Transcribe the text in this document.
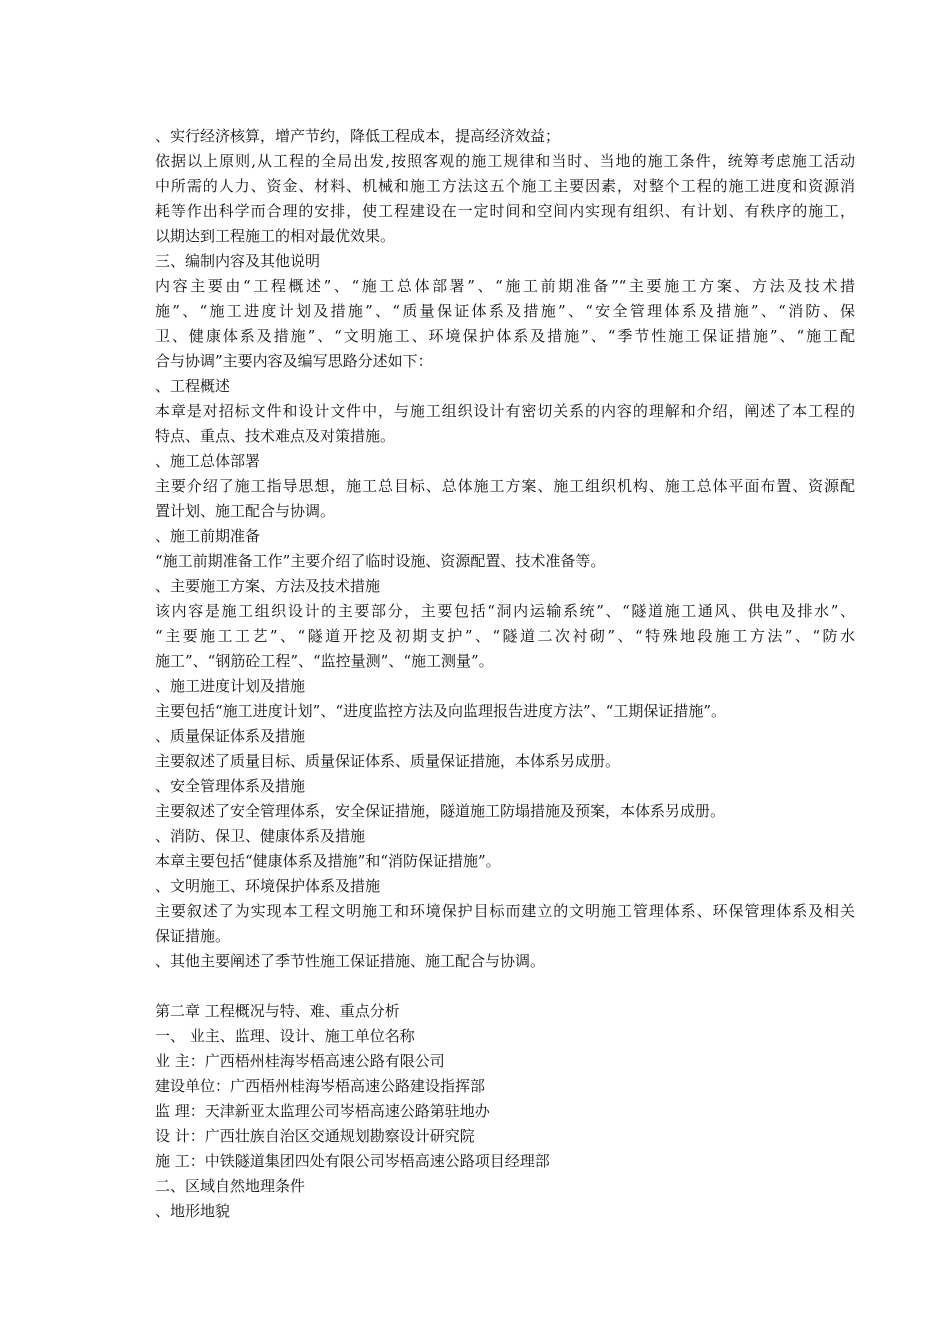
、实行经济核算，增产节约，降低工程成本，提高经济效益；
依据以上原则,从工程的全局出发,按照客观的施工规律和当时、当地的施工条件，统筹考虑施工活动
中所需的人力、资金、材料、机械和施工方法这五个施工主要因素，对整个工程的施工进度和资源消
耗等作出科学而合理的安排，使工程建设在一定时间和空间内实现有组织、有计划、有秩序的施工，
以期达到工程施工的相对最优效果。
三、编制内容及其他说明
内容主要由“工程概述”、“施工总体部署”、“施工前期准备”“主要施工方案、方法及技术措
施”、“施工进度计划及措施”、“质量保证体系及措施”、“安全管理体系及措施”、“消防、保
卫、健康体系及措施”、“文明施工、环境保护体系及措施”、“季节性施工保证措施”、“施工配
合与协调”主要内容及编写思路分述如下：
、工程概述
本章是对招标文件和设计文件中，与施工组织设计有密切关系的内容的理解和介绍，阐述了本工程的
特点、重点、技术难点及对策措施。
、施工总体部署
主要介绍了施工指导思想，施工总目标、总体施工方案、施工组织机构、施工总体平面布置、资源配
置计划、施工配合与协调。
、施工前期准备
“施工前期准备工作”主要介绍了临时设施、资源配置、技术准备等。
、主要施工方案、方法及技术措施
该内容是施工组织设计的主要部分，主要包括“洞内运输系统”、“隧道施工通风、供电及排水”、
“主要施工工艺”、“隧道开挖及初期支护”、“隧道二次衬砌”、“特殊地段施工方法”、“防水
施工”、“钢筋砼工程”、“监控量测”、“施工测量”。
、施工进度计划及措施
主要包括“施工进度计划”、“进度监控方法及向监理报告进度方法”、“工期保证措施”。
、质量保证体系及措施
主要叙述了质量目标、质量保证体系、质量保证措施，本体系另成册。
、安全管理体系及措施
主要叙述了安全管理体系，安全保证措施，隧道施工防塌措施及预案，本体系另成册。
、消防、保卫、健康体系及措施
本章主要包括“健康体系及措施”和“消防保证措施”。
、文明施工、环境保护体系及措施
主要叙述了为实现本工程文明施工和环境保护目标而建立的文明施工管理体系、环保管理体系及相关
保证措施。
、其他主要阐述了季节性施工保证措施、施工配合与协调。
第二章 工程概况与特、难、重点分析
一、 业主、监理、设计、施工单位名称
业 主：广西梧州桂海岑梧高速公路有限公司
建设单位：广西梧州桂海岑梧高速公路建设指挥部
监 理：天津新亚太监理公司岑梧高速公路第驻地办
设 计：广西壮族自治区交通规划勘察设计研究院
施 工：中铁隧道集团四处有限公司岑梧高速公路项目经理部
二、区域自然地理条件
、地形地貌
